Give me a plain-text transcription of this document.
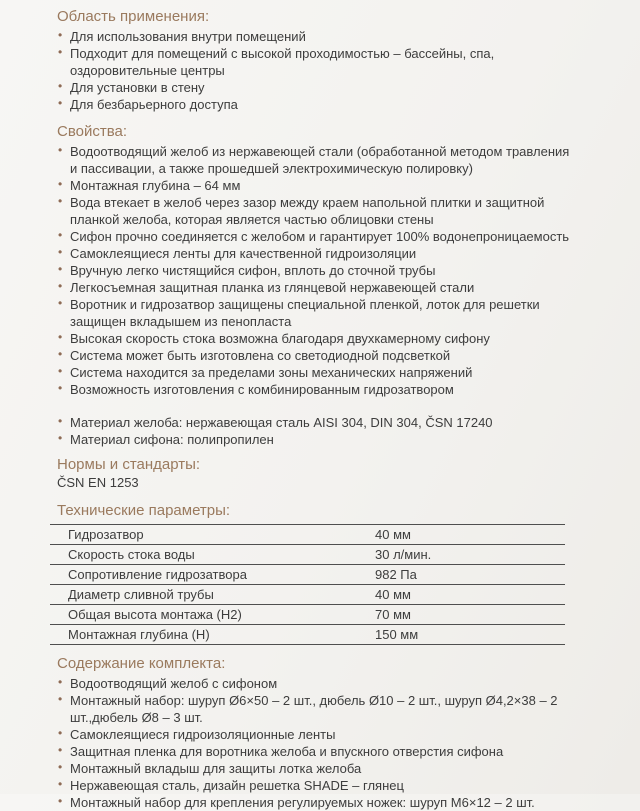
Область применения:
• Для использования внутри помещений
• Подходит для помещений с высокой проходимостью – бассейны, спа, оздоровительные центры
• Для установки в стену
• Для безбарьерного доступа
Свойства:
• Водоотводящий желоб из нержавеющей стали (обработанной методом травления и пассивации, а также прошедшей электрохимическую полировку)
• Монтажная глубина – 64 мм
• Вода втекает в желоб через зазор между краем напольной плитки и защитной планкой желоба, которая является частью облицовки стены
• Сифон прочно соединяется с желобом и гарантирует 100% водонепроницаемость
• Самоклеящиеся ленты для качественной гидроизоляции
• Вручную легко чистящийся сифон, вплоть до сточной трубы
• Легкосъемная защитная планка из глянцевой нержавеющей стали
• Воротник и гидрозатвор защищены специальной пленкой, лоток для решетки защищен вкладышем из пенопласта
• Высокая скорость стока возможна благодаря двухкамерному сифону
• Система может быть изготовлена со светодиодной подсветкой
• Система находится за пределами зоны механических напряжений
• Возможность изготовления с комбинированным гидрозатвором
• Материал желоба: нержавеющая сталь AISI 304, DIN 304, ČSN 17240
• Материал сифона: полипропилен
Нормы и стандарты:

ČSN EN 1253

Технические параметры:
Гидрозатвор	40 мм
Скорость стока воды	30 л/мин.
Сопротивление гидрозатвора	982 Па
Диаметр сливной трубы	40 мм
Общая высота монтажа (H2)	70 мм
Монтажная глубина (H)	150 мм
Содержание комплекта:
• Водоотводящий желоб с сифоном
• Монтажный набор: шуруп Ø6×50 – 2 шт., дюбель Ø10 – 2 шт., шуруп Ø4,2×38 – 2 шт.,дюбель Ø8 – 3 шт.
• Самоклеящиеся гидроизоляционные ленты
• Защитная пленка для воротника желоба и впускного отверстия сифона
• Монтажный вкладыш для защиты лотка желоба
• Нержавеющая сталь, дизайн решетка SHADE – глянец
• Монтажный набор для крепления регулируемых ножек: шуруп М6×12 – 2 шт.
